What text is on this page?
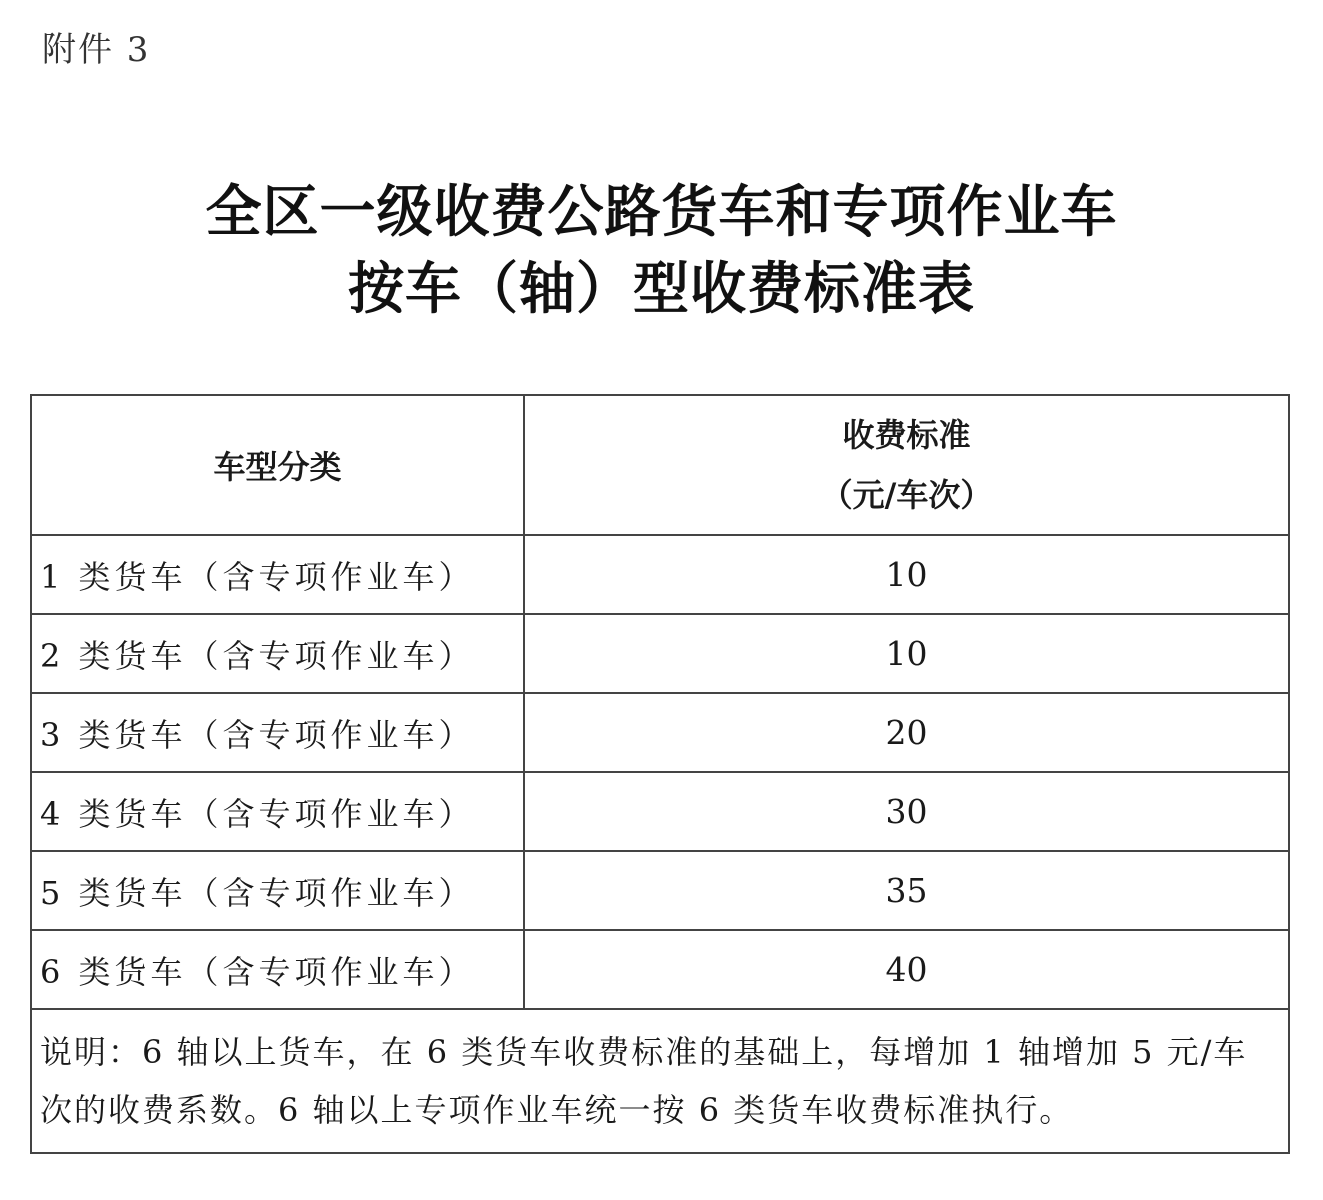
附件 3
全区一级收费公路货车和专项作业车
按车（轴）型收费标准表
车型分类	收费标准
（元/车次）

1 类货车（含专项作业车）	10
2 类货车（含专项作业车）	10
3 类货车（含专项作业车）	20
4 类货车（含专项作业车）	30
5 类货车（含专项作业车）	35
6 类货车（含专项作业车）	40
说明：6 轴以上货车，在 6 类货车收费标准的基础上，每增加 1 轴增加 5 元/车次的收费系数。6 轴以上专项作业车统一按 6 类货车收费标准执行。	
